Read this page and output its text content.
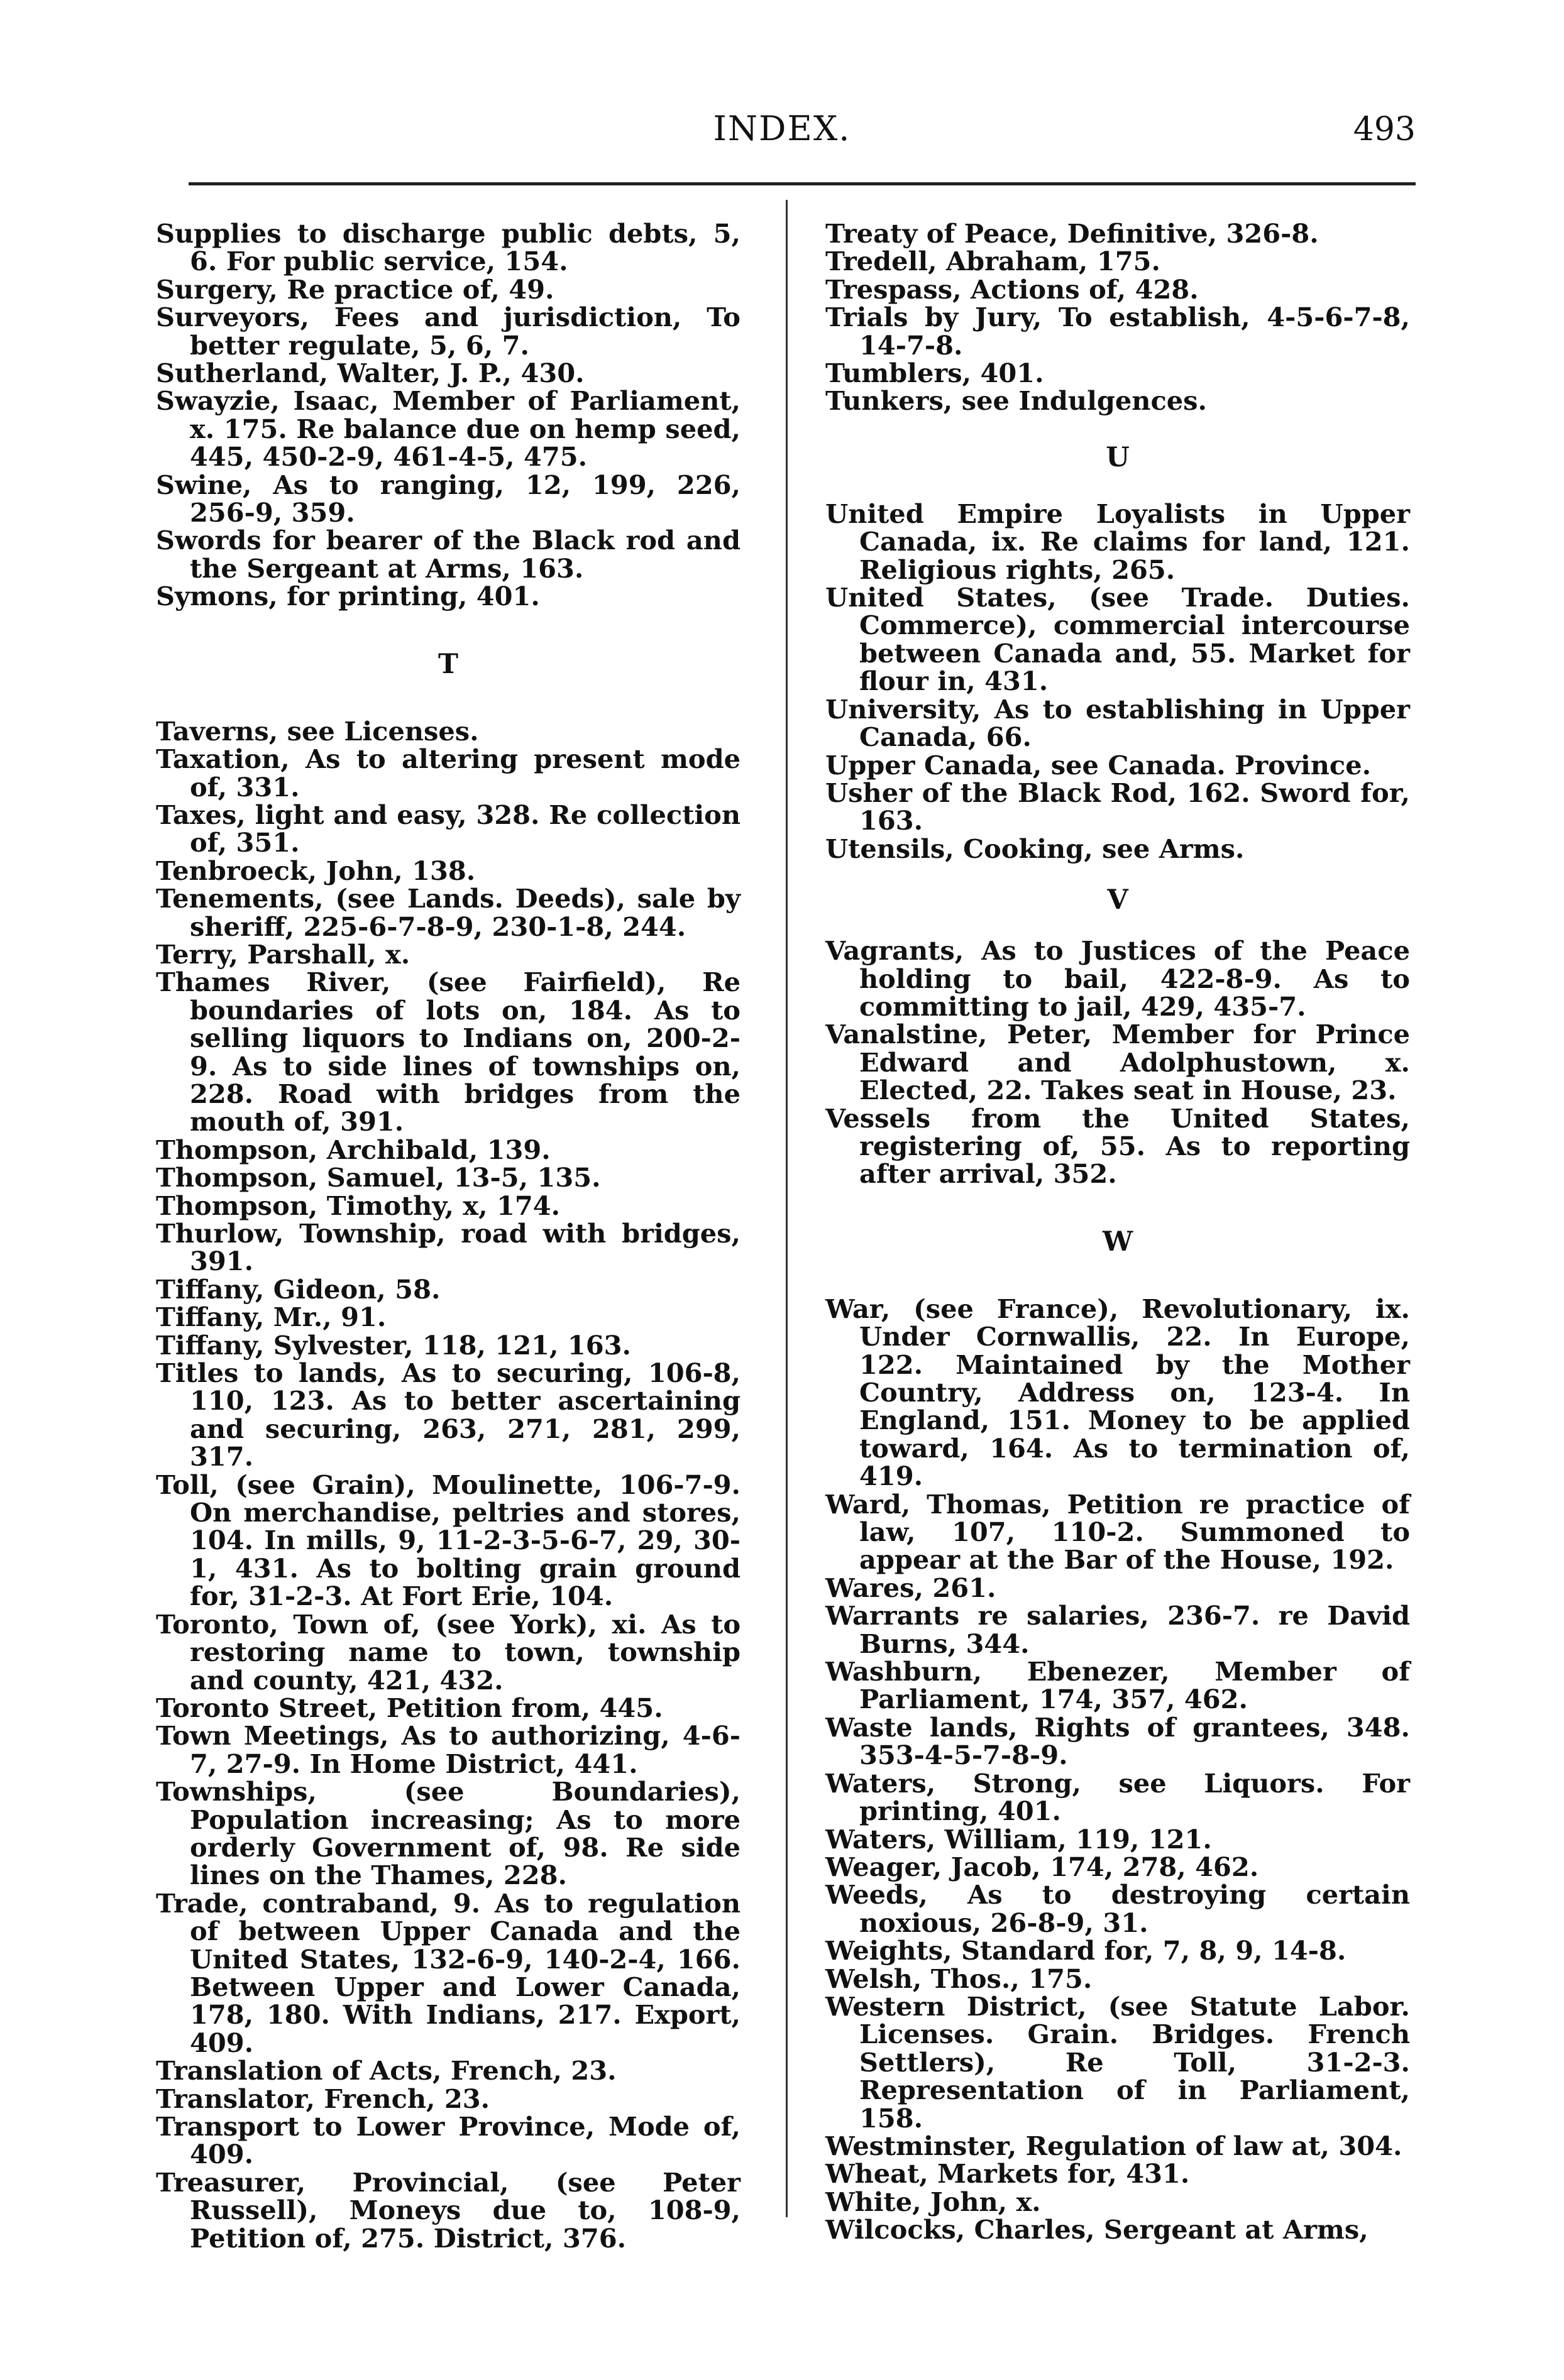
INDEX.	493

Supplies to discharge public debts, 5, 6. For public service, 154.

Surgery, Re practice of, 49.

Surveyors, Fees and jurisdiction, To better regulate, 5, 6, 7.

Sutherland, Walter, J. P., 430.

Swayzie, Isaac, Member of Parliament, x. 175. Re balance due on hemp seed, 445, 450-2-9, 461-4-5, 475.

Swine, As to ranging, 12, 199, 226, 256-9, 359.

Swords for bearer of the Black rod and the Sergeant at Arms, 163.

Symons, for printing, 401.

T

Taverns, see Licenses.

Taxation, As to altering present mode of, 331.

Taxes, light and easy, 328. Re collection of, 351.

Tenbroeck, John, 138.

Tenements, (see Lands. Deeds), sale by sheriff, 225-6-7-8-9, 230-1-8, 244.

Terry, Parshall, x.

Thames River, (see Fairfield), Re boundaries of lots on, 184. As to selling liquors to Indians on, 200-2-9. As to side lines of townships on, 228. Road with bridges from the mouth of, 391.

Thompson, Archibald, 139.

Thompson, Samuel, 13-5, 135.

Thompson, Timothy, x, 174.

Thurlow, Township, road with bridges, 391.

Tiffany, Gideon, 58.

Tiffany, Mr., 91.

Tiffany, Sylvester, 118, 121, 163.

Titles to lands, As to securing, 106-8, 110, 123. As to better ascertaining and securing, 263, 271, 281, 299, 317.

Toll, (see Grain), Moulinette, 106-7-9. On merchandise, peltries and stores, 104. In mills, 9, 11-2-3-5-6-7, 29, 30-1, 431. As to bolting grain ground for, 31-2-3. At Fort Erie, 104.

Toronto, Town of, (see York), xi. As to restoring name to town, township and county, 421, 432.

Toronto Street, Petition from, 445.

Town Meetings, As to authorizing, 4-6-7, 27-9. In Home District, 441.

Townships, (see Boundaries), Population increasing; As to more orderly Government of, 98. Re side lines on the Thames, 228.

Trade, contraband, 9. As to regulation of between Upper Canada and the United States, 132-6-9, 140-2-4, 166. Between Upper and Lower Canada, 178, 180. With Indians, 217. Export, 409.

Translation of Acts, French, 23.

Translator, French, 23.

Transport to Lower Province, Mode of, 409.

Treasurer, Provincial, (see Peter Russell), Moneys due to, 108-9, Petition of, 275. District, 376.

Treaty of Peace, Definitive, 326-8.

Tredell, Abraham, 175.

Trespass, Actions of, 428.

Trials by Jury, To establish, 4-5-6-7-8, 14-7-8.

Tumblers, 401.

Tunkers, see Indulgences.

U

United Empire Loyalists in Upper Canada, ix. Re claims for land, 121. Religious rights, 265.

United States, (see Trade. Duties. Commerce), commercial intercourse between Canada and, 55. Market for flour in, 431.

University, As to establishing in Upper Canada, 66.

Upper Canada, see Canada. Province.

Usher of the Black Rod, 162. Sword for, 163.

Utensils, Cooking, see Arms.

V

Vagrants, As to Justices of the Peace holding to bail, 422-8-9. As to committing to jail, 429, 435-7.

Vanalstine, Peter, Member for Prince Edward and Adolphustown, x. Elected, 22. Takes seat in House, 23.

Vessels from the United States, registering of, 55. As to reporting after arrival, 352.

W

War, (see France), Revolutionary, ix. Under Cornwallis, 22. In Europe, 122. Maintained by the Mother Country, Address on, 123-4. In England, 151. Money to be applied toward, 164. As to termination of, 419.

Ward, Thomas, Petition re practice of law, 107, 110-2. Summoned to appear at the Bar of the House, 192.

Wares, 261.

Warrants re salaries, 236-7. re David Burns, 344.

Washburn, Ebenezer, Member of Parliament, 174, 357, 462.

Waste lands, Rights of grantees, 348. 353-4-5-7-8-9.

Waters, Strong, see Liquors. For printing, 401.

Waters, William, 119, 121.

Weager, Jacob, 174, 278, 462.

Weeds, As to destroying certain noxious, 26-8-9, 31.

Weights, Standard for, 7, 8, 9, 14-8.

Welsh, Thos., 175.

Western District, (see Statute Labor. Licenses. Grain. Bridges. French Settlers), Re Toll, 31-2-3. Representation of in Parliament, 158.

Westminster, Regulation of law at, 304.

Wheat, Markets for, 431.

White, John, x.

Wilcocks, Charles, Sergeant at Arms,
